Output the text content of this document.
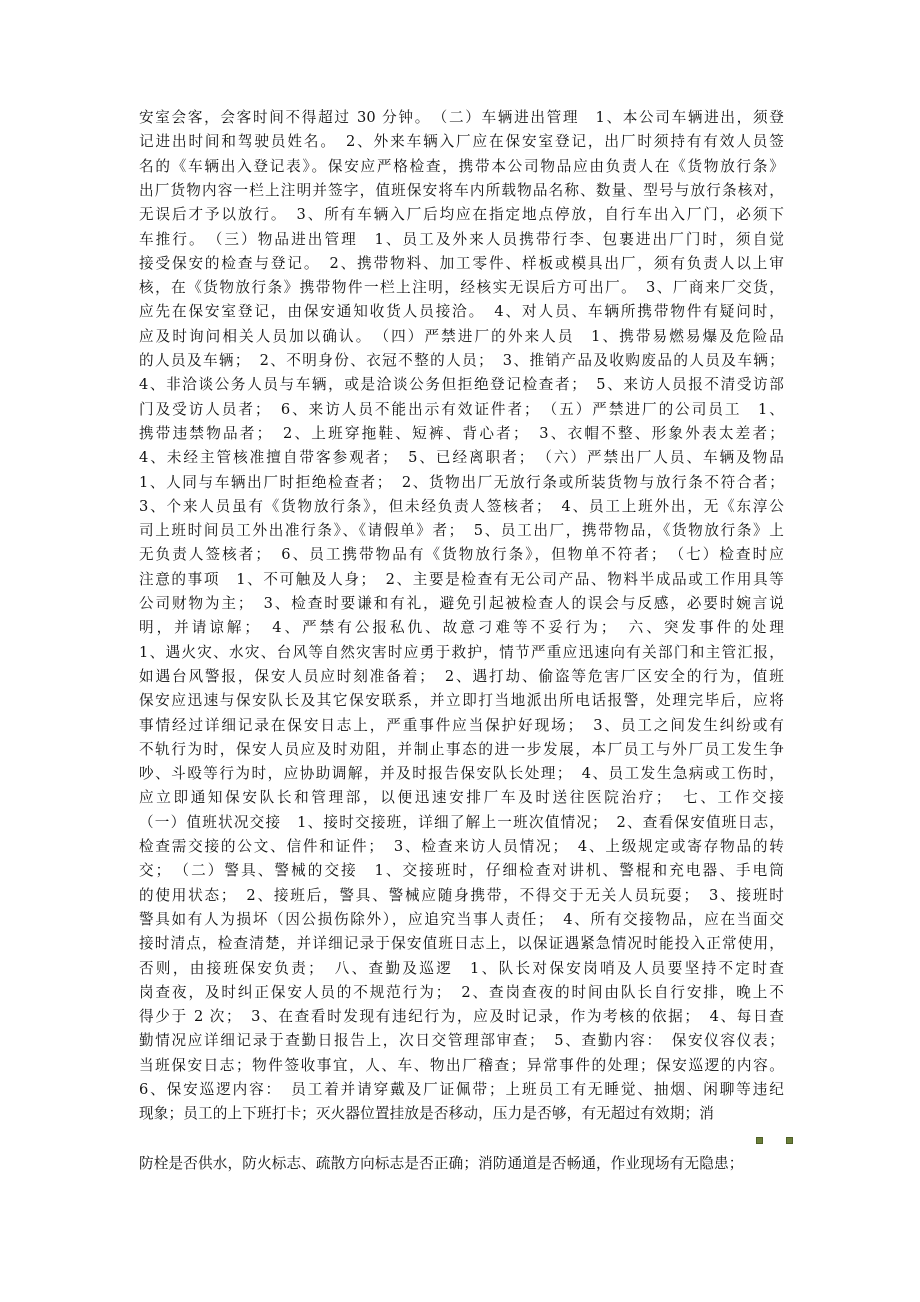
安室会客，会客时间不得超过 30 分钟。　（二）车辆进出管理　1、本公司车辆进出，须登
记进出时间和驾驶员姓名。　2、外来车辆入厂应在保安室登记，出厂时须持有有效人员签
名的《车辆出入登记表》。保安应严格检查，携带本公司物品应由负责人在《货物放行条》
出厂货物内容一栏上注明并签字，值班保安将车内所载物品名称、数量、型号与放行条核对，
无误后才予以放行。　3、所有车辆入厂后均应在指定地点停放，自行车出入厂门，必须下
车推行。　（三）物品进出管理　1、员工及外来人员携带行李、包裹进出厂门时，须自觉
接受保安的检查与登记。　2、携带物料、加工零件、样板或模具出厂，须有负责人以上审
核，在《货物放行条》携带物件一栏上注明，经核实无误后方可出厂。　3、厂商来厂交货，
应先在保安室登记，由保安通知收货人员接洽。　4、对人员、车辆所携带物件有疑问时，
应及时询问相关人员加以确认。　（四）严禁进厂的外来人员　1、携带易燃易爆及危险品
的人员及车辆；　2、不明身份、衣冠不整的人员；　3、推销产品及收购废品的人员及车辆；
4、非洽谈公务人员与车辆，或是洽谈公务但拒绝登记检查者；　5、来访人员报不清受访部
门及受访人员者；　6、来访人员不能出示有效证件者；　（五）严禁进厂的公司员工　1、
携带违禁物品者；　2、上班穿拖鞋、短裤、背心者；　3、衣帽不整、形象外表太差者；
4、未经主管核准擅自带客参观者；　5、已经离职者；　（六）严禁出厂人员、车辆及物品
1、人同与车辆出厂时拒绝检查者；　2、货物出厂无放行条或所装货物与放行条不符合者；
3、个来人员虽有《货物放行条》，但未经负责人签核者；　4、员工上班外出，无《东淳公
司上班时间员工外出准行条》、《请假单》者；　5、员工出厂，携带物品，《货物放行条》上
无负责人签核者；　6、员工携带物品有《货物放行条》，但物单不符者；　（七）检查时应
注意的事项　1、不可触及人身；　2、主要是检查有无公司产品、物料半成品或工作用具等
公司财物为主；　3、检查时要谦和有礼，避免引起被检查人的误会与反感，必要时婉言说
明，并请谅解；　4、严禁有公报私仇、故意刁难等不妥行为；　六、突发事件的处理
1、遇火灾、水灾、台风等自然灾害时应勇于救护，情节严重应迅速向有关部门和主管汇报，
如遇台风警报，保安人员应时刻准备着；　2、遇打劫、偷盗等危害厂区安全的行为，值班
保安应迅速与保安队长及其它保安联系，并立即打当地派出所电话报警，处理完毕后，应将
事情经过详细记录在保安日志上，严重事件应当保护好现场；　3、员工之间发生纠纷或有
不轨行为时，保安人员应及时劝阻，并制止事态的进一步发展，本厂员工与外厂员工发生争
吵、斗殴等行为时，应协助调解，并及时报告保安队长处理；　4、员工发生急病或工伤时，
应立即通知保安队长和管理部，以便迅速安排厂车及时送往医院治疗；　七、工作交接
（一）值班状况交接　1、接时交接班，详细了解上一班次值情况；　2、查看保安值班日志，
检查需交接的公文、信件和证件；　3、检查来访人员情况；　4、上级规定或寄存物品的转
交；　（二）警具、警械的交接　1、交接班时，仔细检查对讲机、警棍和充电器、手电筒
的使用状态；　2、接班后，警具、警械应随身携带，不得交于无关人员玩耍；　3、接班时
警具如有人为损坏（因公损伤除外），应追究当事人责任；　4、所有交接物品，应在当面交
接时清点，检查清楚，并详细记录于保安值班日志上，以保证遇紧急情况时能投入正常使用，
否则，由接班保安负责；　八、查勤及巡逻　1、队长对保安岗哨及人员要坚持不定时查
岗查夜，及时纠正保安人员的不规范行为；　2、查岗查夜的时间由队长自行安排，晚上不
得少于 2 次；　3、在查看时发现有违纪行为，应及时记录，作为考核的依据；　4、每日查
勤情况应详细记录于查勤日报告上，次日交管理部审查；　5、查勤内容：　保安仪容仪表；
当班保安日志；物件签收事宜，人、车、物出厂稽查；异常事件的处理；保安巡逻的内容。
6、保安巡逻内容：　员工着并请穿戴及厂证佩带；上班员工有无睡觉、抽烟、闲聊等违纪
现象；员工的上下班打卡；灭火器位置挂放是否移动，压力是否够，有无超过有效期；消
防栓是否供水，防火标志、疏散方向标志是否正确；消防通道是否畅通，作业现场有无隐患；
